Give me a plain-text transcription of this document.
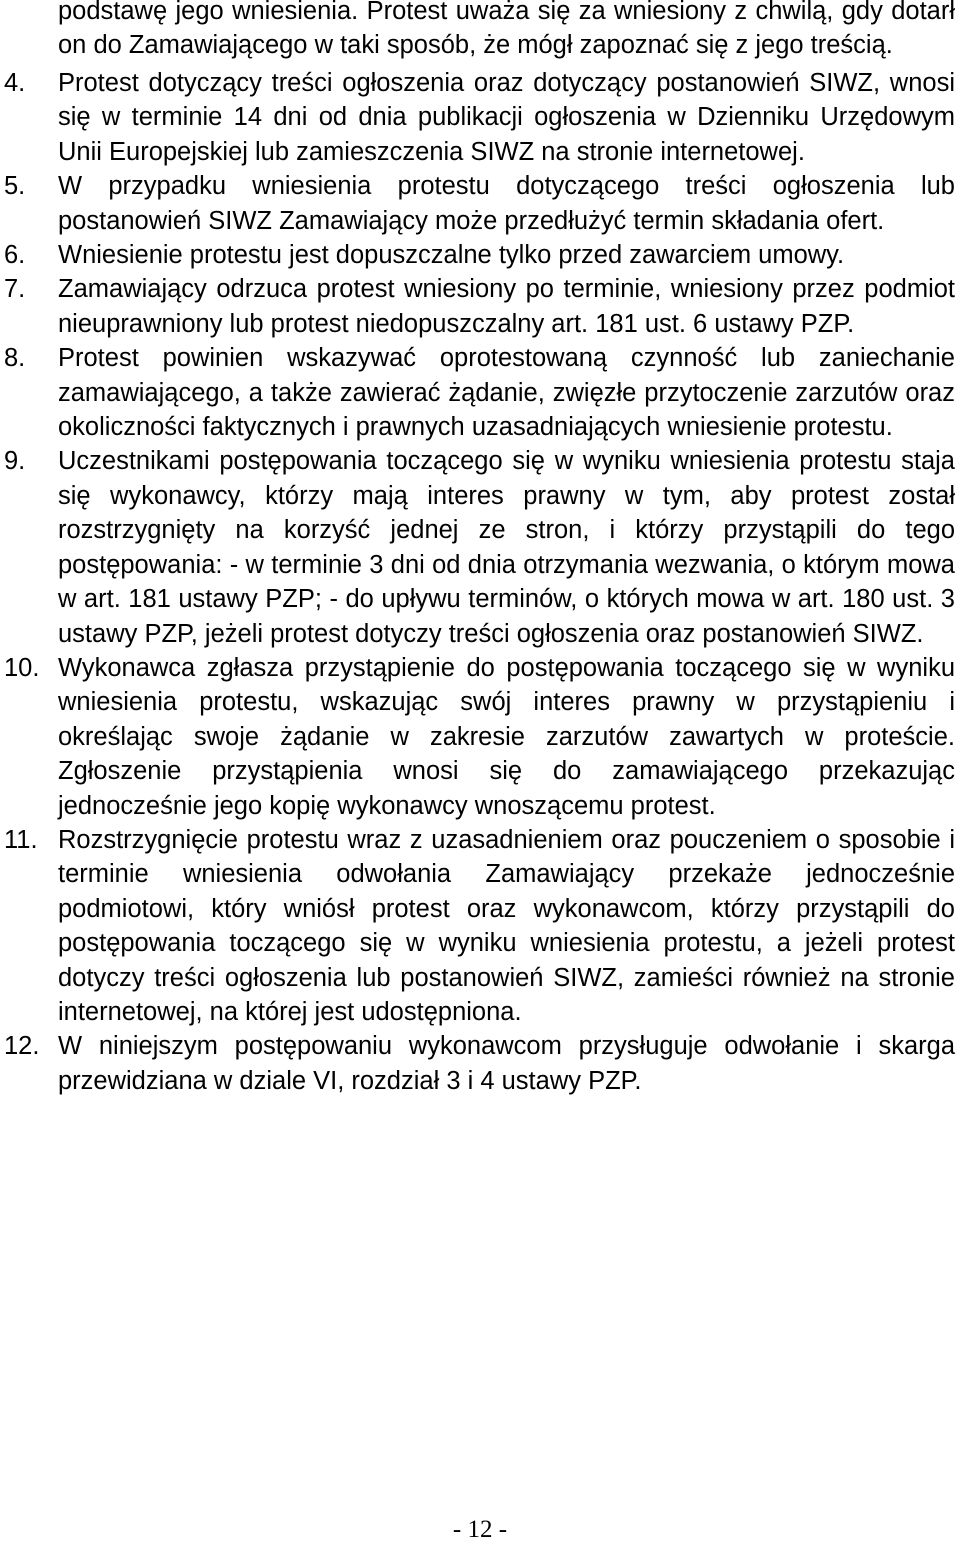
podstawę jego wniesienia. Protest uważa się za wniesiony z chwilą, gdy dotarł on do Zamawiającego w taki sposób, że mógł zapoznać się z jego treścią.

4.	Protest dotyczący treści ogłoszenia oraz dotyczący postanowień SIWZ, wnosi się w terminie 14 dni od dnia publikacji ogłoszenia w Dzienniku Urzędowym Unii Europejskiej lub zamieszczenia SIWZ na stronie internetowej.
5.	W przypadku wniesienia protestu dotyczącego treści ogłoszenia lub postanowień SIWZ Zamawiający może przedłużyć termin składania ofert.
6.	Wniesienie protestu jest dopuszczalne tylko przed zawarciem umowy.
7.	Zamawiający odrzuca protest wniesiony po terminie, wniesiony przez podmiot nieuprawniony lub protest niedopuszczalny art. 181 ust. 6 ustawy PZP.
8.	Protest powinien wskazywać oprotestowaną czynność lub zaniechanie zamawiającego, a także zawierać żądanie, zwięzłe przytoczenie zarzutów oraz okoliczności faktycznych i prawnych uzasadniających wniesienie protestu.
9.	Uczestnikami postępowania toczącego się w wyniku wniesienia protestu staja się wykonawcy, którzy mają interes prawny w tym, aby protest został rozstrzygnięty na korzyść jednej ze stron, i którzy przystąpili do tego postępowania: - w terminie 3 dni od dnia otrzymania wezwania, o którym mowa w art. 181 ustawy PZP; - do upływu terminów, o których mowa w art. 180 ust. 3 ustawy PZP, jeżeli protest dotyczy treści ogłoszenia oraz postanowień SIWZ.
10. Wykonawca zgłasza przystąpienie do postępowania toczącego się w wyniku wniesienia protestu, wskazując swój interes prawny w przystąpieniu i określając swoje żądanie w zakresie zarzutów zawartych w proteście. Zgłoszenie przystąpienia wnosi się do zamawiającego przekazując jednocześnie jego kopię wykonawcy wnoszącemu protest.
11. Rozstrzygnięcie protestu wraz z uzasadnieniem oraz pouczeniem o sposobie i terminie wniesienia odwołania Zamawiający przekaże jednocześnie podmiotowi, który wniósł protest oraz wykonawcom, którzy przystąpili do postępowania toczącego się w wyniku wniesienia protestu, a jeżeli protest dotyczy treści ogłoszenia lub postanowień SIWZ, zamieści również na stronie internetowej, na której jest udostępniona.
12. W niniejszym postępowaniu wykonawcom przysługuje odwołanie i skarga przewidziana w dziale VI, rozdział 3 i 4 ustawy PZP.
- 12 -
